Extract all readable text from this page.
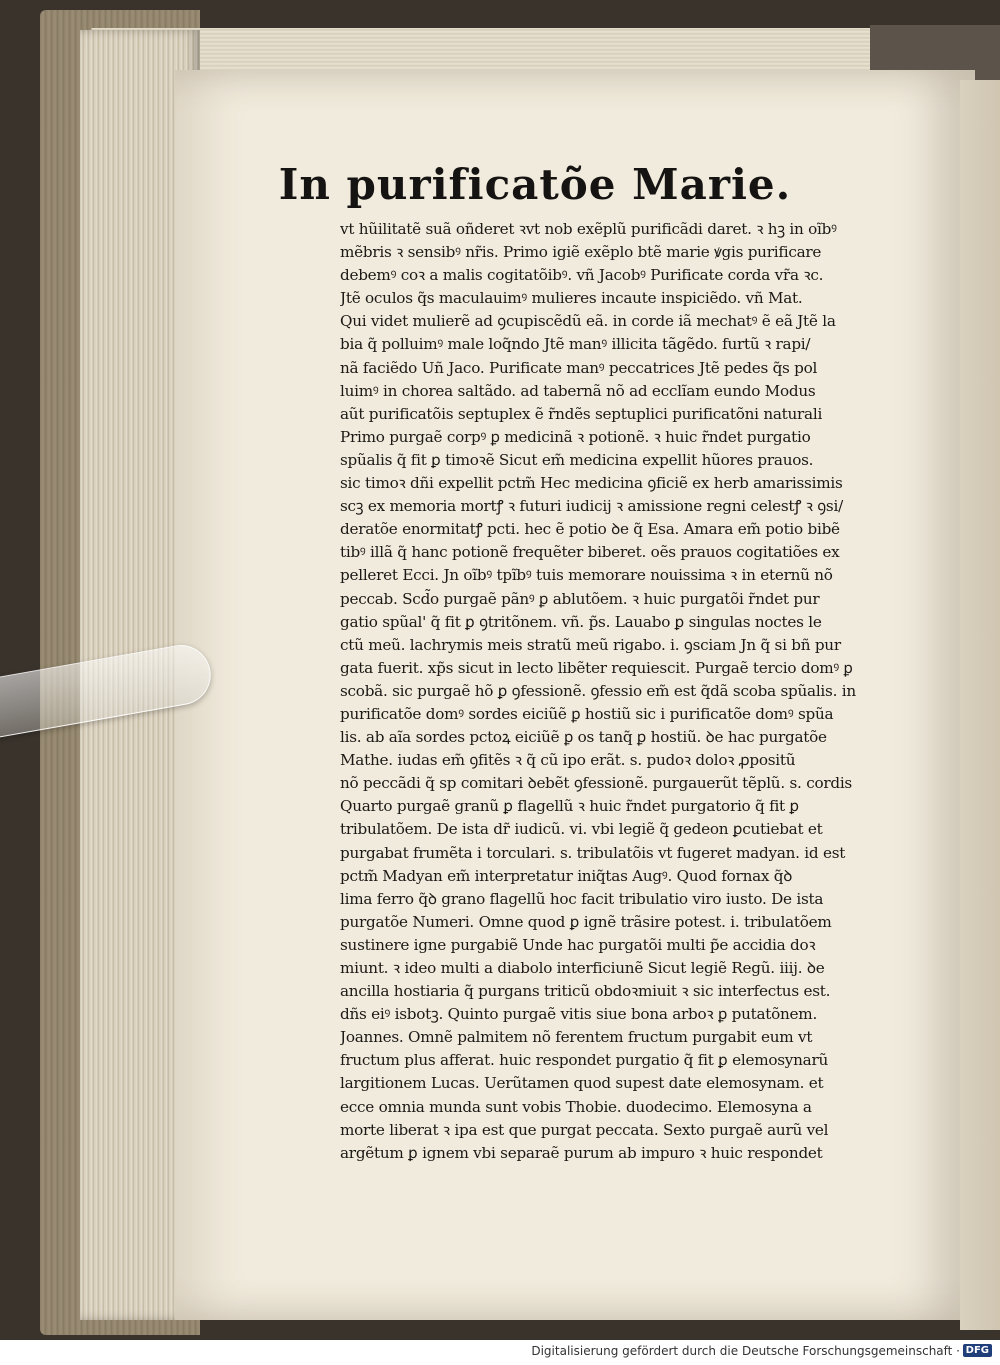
In purificatõe Marie.
vt hũilitatẽ suã oñderet ꝛvt nob exẽplũ purificãdi daret. ꝛ hꝫ in oĩbꝰ
mẽbris ꝛ sensibꝰ nr̃is. Primo igiẽ exẽplo btẽ marie ꝟgis purificare
debemꝰ coꝛ a malis cogitatõibꝰ. vñ Jacobꝰ Purificate corda vr̃a ꝛc.
Jtẽ oculos q̃s maculauimꝰ mulieres incaute inspiciẽdo. vñ Mat.
Qui videt mulierẽ ad ꝯcupiscẽdũ eã. in corde iã mechatꝰ ẽ eã Jtẽ la
bia q̃ polluimꝰ male loq̃ndo Jtẽ manꝰ illicita tãgẽdo. furtũ ꝛ rapi/
nã faciẽdo Uñ Jaco. Purificate manꝰ peccatrices Jtẽ pedes q̃s pol
luimꝰ in chorea saltãdo. ad tabernã nõ ad ecclĩam eundo Modus
aũt purificatõis septuplex ẽ r̃ndẽs septuplici purificatõni naturali
Primo purgaẽ corpꝰ ꝑ medicinã ꝛ potionẽ. ꝛ huic r̃ndet purgatio
spũalis q̃ fit ꝑ timoꝛẽ Sicut em̃ medicina expellit hũores prauos.
sic timoꝛ dñi expellit pctm̃ Hec medicina ꝯficiẽ ex herb amarissimis
scꝫ ex memoria mortꝭ ꝛ futuri iudicij ꝛ amissione regni celestꝭ ꝛ ꝯsi/
deratõe enormitatꝭ pcti. hec ẽ potio ꝺe q̃ Esa. Amara em̃ potio bibẽ
tibꝰ illã q̃ hanc potionẽ frequẽter biberet. oẽs prauos cogitatiões ex
pelleret Ecci. Jn oĩbꝰ tpĩbꝰ tuis memorare nouissima ꝛ in eternũ nõ
peccab. Scd̃o purgaẽ pãnꝰ ꝑ ablutõem. ꝛ huic purgatõi r̃ndet pur
gatio spũal' q̃ fit ꝑ ꝯtritõnem. vñ. p̃s. Lauabo ꝑ singulas noctes le
ctũ meũ. lachrymis meis stratũ meũ rigabo. i. ꝯsciam Jn q̃ si bñ pur
gata fuerit. xp̃s sicut in lecto libẽter requiescit. Purgaẽ tercio domꝰ ꝑ
scobã. sic purgaẽ hõ ꝑ ꝯfessionẽ. ꝯfessio em̃ est q̃dã scoba spũalis. in
purificatõe domꝰ sordes eiciũẽ ꝑ hostiũ sic i purificatõe domꝰ spũa
lis. ab aĩa sordes pctoꝝ eiciũẽ ꝑ os tanq̃ ꝑ hostiũ. ꝺe hac purgatõe
Mathe. iudas em̃ ꝯfitẽs ꝛ q̃ cũ ipo erãt. s. pudoꝛ doloꝛ ꝓpositũ
nõ peccãdi q̃ sp comitari ꝺebẽt ꝯfessionẽ. purgauerũt tẽplũ. s. cordis
Quarto purgaẽ granũ ꝑ flagellũ ꝛ huic r̃ndet purgatorio q̃ fit ꝑ
tribulatõem. De ista dr̃ iudicũ. vi. vbi legiẽ q̃ gedeon ꝑcutiebat et
purgabat frumẽta i torculari. s. tribulatõis vt fugeret madyan. id est
pctm̃ Madyan em̃ interpretatur iniq̃tas Augꝰ. Quod fornax q̃ꝺ
lima ferro q̃ꝺ grano flagellũ hoc facit tribulatio viro iusto. De ista
purgatõe Numeri. Omne quod ꝑ ignẽ trãsire potest. i. tribulatõem
sustinere igne purgabiẽ Unde hac purgatõi multi p̃e accidia doꝛ
miunt. ꝛ ideo multi a diabolo interficiunẽ Sicut legiẽ Regũ. iiij. ꝺe
ancilla hostiaria q̃ purgans triticũ obdoꝛmiuit ꝛ sic interfectus est.
dñs eiꝰ isbotꝫ. Quinto purgaẽ vitis siue bona arboꝛ ꝑ putatõnem.
Joannes. Omnẽ palmitem nõ ferentem fructum purgabit eum vt
fructum plus afferat. huic respondet purgatio q̃ fit ꝑ elemosynarũ
largitionem Lucas. Uerũtamen quod supest date elemosynam. et
ecce omnia munda sunt vobis Thobie. duodecimo. Elemosyna a
morte liberat ꝛ ipa est que purgat peccata. Sexto purgaẽ aurũ vel
argẽtum ꝑ ignem vbi separaẽ purum ab impuro ꝛ huic respondet
Digitalisierung gefördert durch die Deutsche Forschungsgemeinschaft · DFG
